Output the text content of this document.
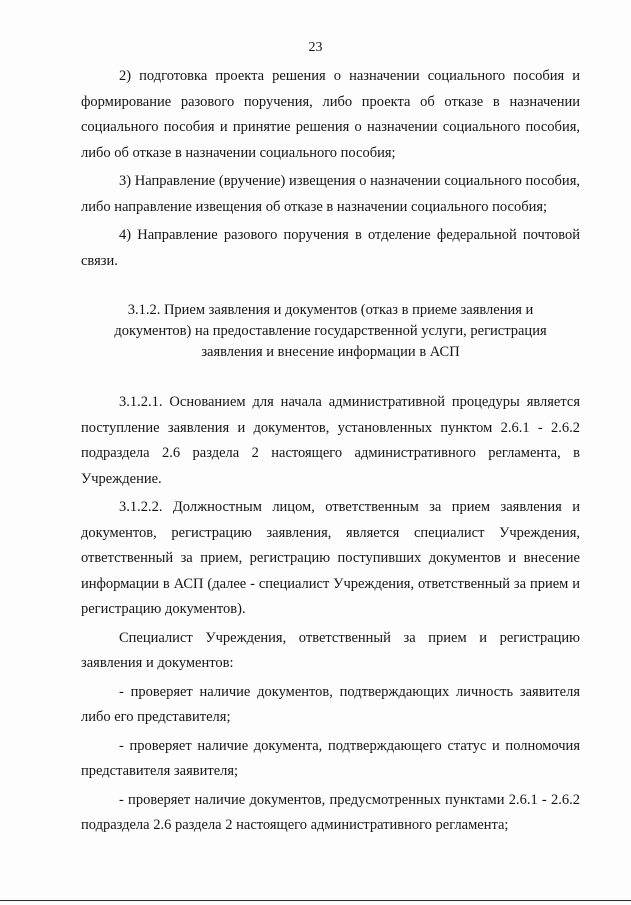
23

2) подготовка проекта решения о назначении социального пособия и формирование разового поручения, либо проекта об отказе в назначении социального пособия и принятие решения о назначении социального пособия, либо об отказе в назначении социального пособия;

3) Направление (вручение) извещения о назначении социального пособия, либо направление извещения об отказе в назначении социального пособия;

4) Направление разового поручения в отделение федеральной почтовой связи.

3.1.2. Прием заявления и документов (отказ в приеме заявления и документов) на предоставление государственной услуги, регистрация заявления и внесение информации в АСП

3.1.2.1. Основанием для начала административной процедуры является поступление заявления и документов, установленных пунктом 2.6.1 - 2.6.2 подраздела 2.6 раздела 2 настоящего административного регламента, в Учреждение.

3.1.2.2. Должностным лицом, ответственным за прием заявления и документов, регистрацию заявления, является специалист Учреждения, ответственный за прием, регистрацию поступивших документов и внесение информации в АСП (далее - специалист Учреждения, ответственный за прием и регистрацию документов).

Специалист Учреждения, ответственный за прием и регистрацию заявления и документов:

- проверяет наличие документов, подтверждающих личность заявителя либо его представителя;

- проверяет наличие документа, подтверждающего статус и полномочия представителя заявителя;

- проверяет наличие документов, предусмотренных пунктами 2.6.1 - 2.6.2 подраздела 2.6 раздела 2 настоящего административного регламента;
